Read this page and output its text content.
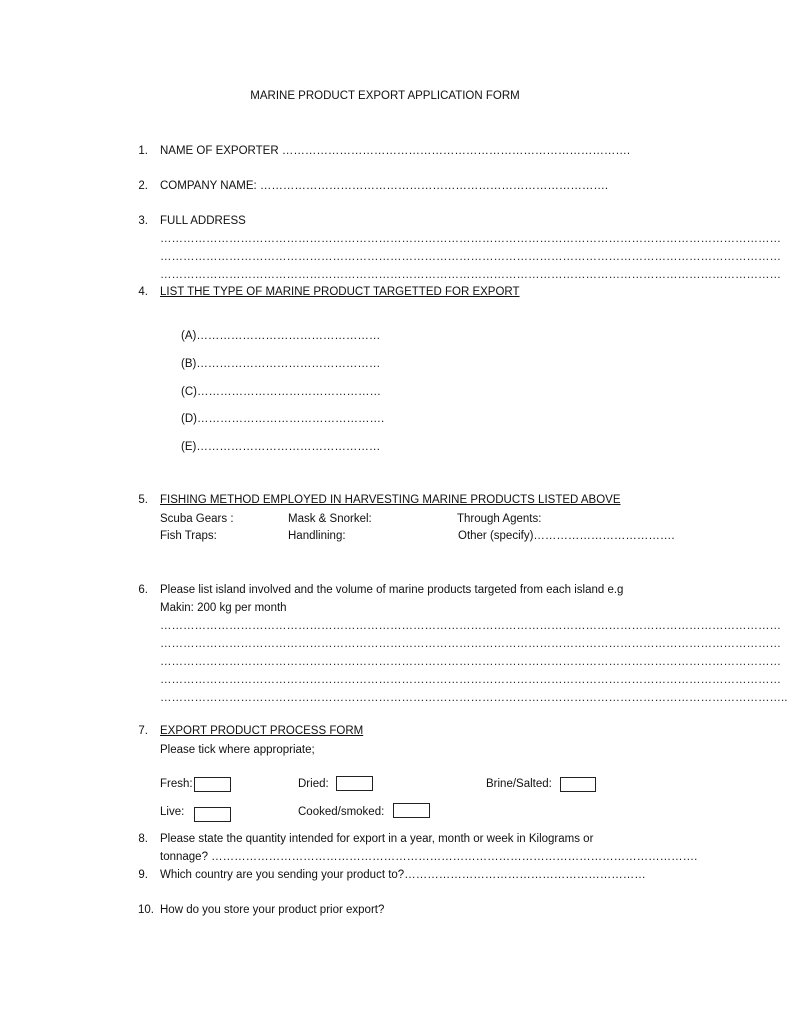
MARINE PRODUCT EXPORT APPLICATION FORM
1. NAME OF EXPORTER ……………………………………………………………………………….
2. COMPANY NAME: ……………………………………………………………………………….
3. FULL ADDRESS
………………………………………………………………………………………………………………………………………………
………………………………………………………………………………………………………………………………………………
………………………………………………………………………………………………………………………………………………
4. LIST THE TYPE OF MARINE PRODUCT TARGETTED FOR EXPORT
(A)…………………………………………
(B)…………………………………………
(C)…………………………………………
(D)………………………………………….
(E)…………………………………………
5. FISHING METHOD EMPLOYED IN HARVESTING MARINE PRODUCTS LISTED ABOVE
Scuba Gears :	Mask & Snorkel:	Through Agents:
Fish Traps:	Handlining:	Other (specify)……………………………….
6. Please list island involved and the volume of marine products targeted from each island e.g
Makin: 200 kg per month
………………………………………………………………………………………………………………………………………………
………………………………………………………………………………………………………………………………………………
………………………………………………………………………………………………………………………………………………
………………………………………………………………………………………………………………………………………………
………………………………………………………………………………………………………………………………………………..
7. EXPORT PRODUCT PROCESS FORM
Please tick where appropriate;
Fresh:	Dried:	Brine/Salted:
Live:	Cooked/smoked:
8. Please state the quantity intended for export in a year, month or week in Kilograms or
tonnage? ……………………………………………………………………………………………………………….
9. Which country are you sending your product to?………………………………………………………
10. How do you store your product prior export?
